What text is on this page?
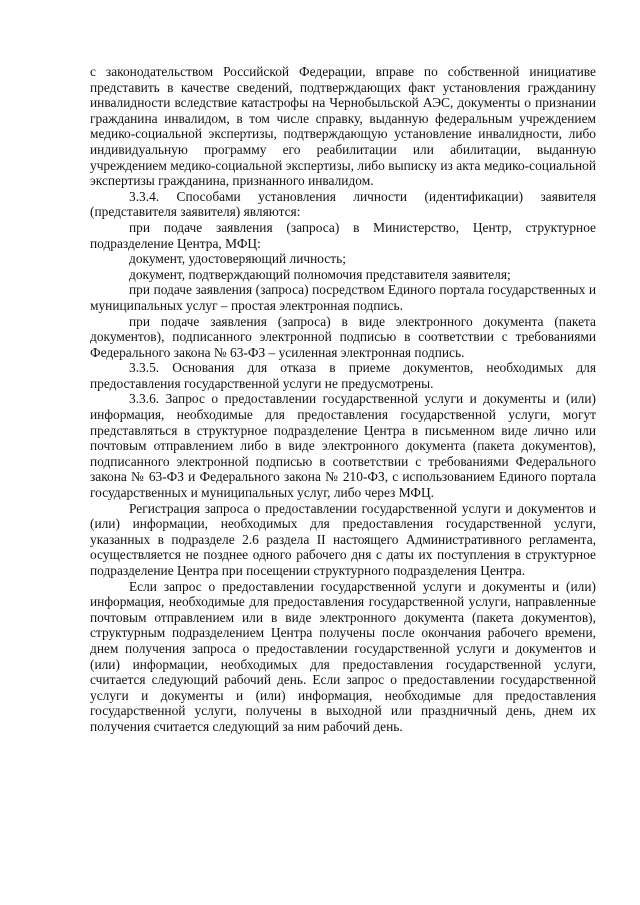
с законодательством Российской Федерации, вправе по собственной инициативе представить в качестве сведений, подтверждающих факт установления гражданину инвалидности вследствие катастрофы на Чернобыльской АЭС, документы о признании гражданина инвалидом, в том числе справку, выданную федеральным учреждением медико-социальной экспертизы, подтверждающую установление инвалидности, либо индивидуальную программу его реабилитации или абилитации, выданную учреждением медико-социальной экспертизы, либо выписку из акта медико-социальной экспертизы гражданина, признанного инвалидом.

3.3.4. Способами установления личности (идентификации) заявителя (представителя заявителя) являются:

при подаче заявления (запроса) в Министерство, Центр, структурное подразделение Центра, МФЦ:

документ, удостоверяющий личность;

документ, подтверждающий полномочия представителя заявителя;

при подаче заявления (запроса) посредством Единого портала государственных и муниципальных услуг – простая электронная подпись.

при подаче заявления (запроса) в виде электронного документа (пакета документов), подписанного электронной подписью в соответствии с требованиями Федерального закона № 63-ФЗ – усиленная электронная подпись.

3.3.5. Основания для отказа в приеме документов, необходимых для предоставления государственной услуги не предусмотрены.

3.3.6. Запрос о предоставлении государственной услуги и документы и (или) информация, необходимые для предоставления государственной услуги, могут представляться в структурное подразделение Центра в письменном виде лично или почтовым отправлением либо в виде электронного документа (пакета документов), подписанного электронной подписью в соответствии с требованиями Федерального закона № 63-ФЗ и Федерального закона № 210-ФЗ, с использованием Единого портала государственных и муниципальных услуг, либо через МФЦ.

Регистрация запроса о предоставлении государственной услуги и документов и (или) информации, необходимых для предоставления государственной услуги, указанных в подразделе 2.6 раздела II настоящего Административного регламента, осуществляется не позднее одного рабочего дня с даты их поступления в структурное подразделение Центра при посещении структурного подразделения Центра.

Если запрос о предоставлении государственной услуги и документы и (или) информация, необходимые для предоставления государственной услуги, направленные почтовым отправлением или в виде электронного документа (пакета документов), структурным подразделением Центра получены после окончания рабочего времени, днем получения запроса о предоставлении государственной услуги и документов и (или) информации, необходимых для предоставления государственной услуги, считается следующий рабочий день. Если запрос о предоставлении государственной услуги и документы и (или) информация, необходимые для предоставления государственной услуги, получены в выходной или праздничный день, днем их получения считается следующий за ним рабочий день.
